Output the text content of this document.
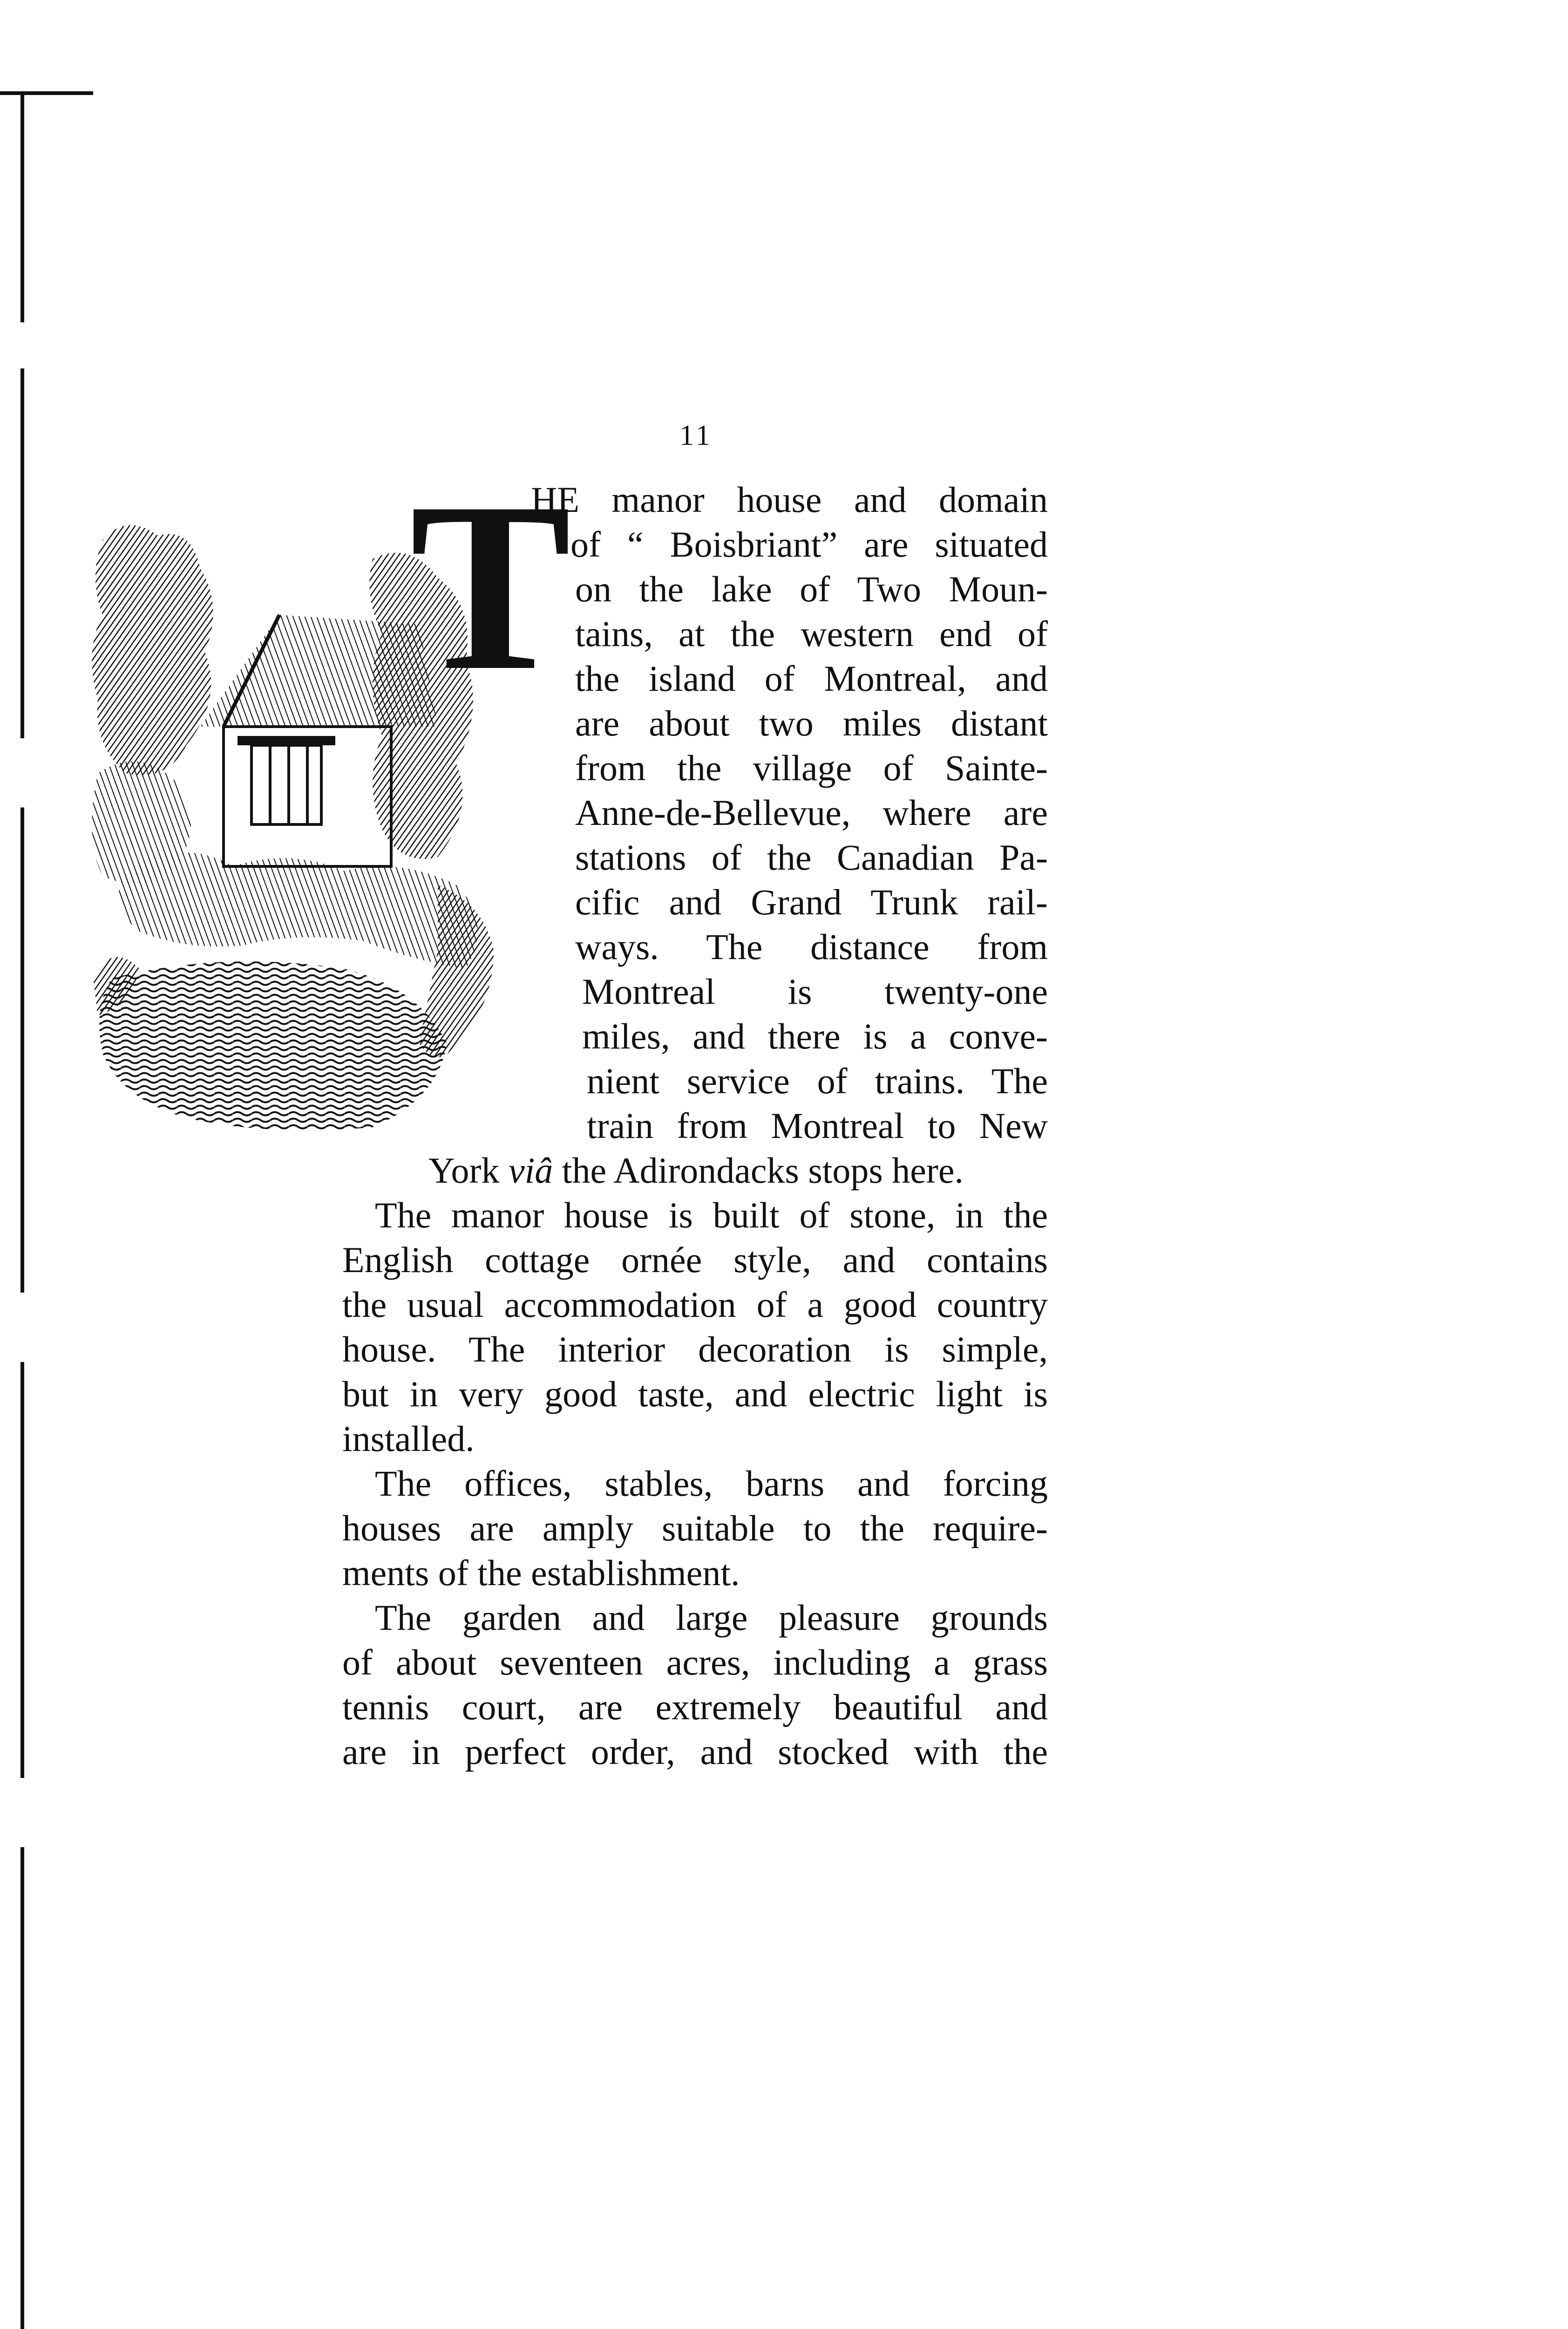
11
T
HE manor house and domain
of “ Boisbriant” are situated
on the lake of Two Moun-
tains, at the western end of
the island of Montreal, and
are about two miles distant
from the village of Sainte-
Anne-de-Bellevue, where are
stations of the Canadian Pa-
cific and Grand Trunk rail-
ways. The distance from
Montreal is twenty-one
miles, and there is a conve-
nient service of trains. The
train from Montreal to New
York viâ the Adirondacks stops here.
The manor house is built of stone, in the
English cottage ornée style, and contains
the usual accommodation of a good country
house. The interior decoration is simple,
but in very good taste, and electric light is
installed.
The offices, stables, barns and forcing
houses are amply suitable to the require-
ments of the establishment.
The garden and large pleasure grounds
of about seventeen acres, including a grass
tennis court, are extremely beautiful and
are in perfect order, and stocked with the
